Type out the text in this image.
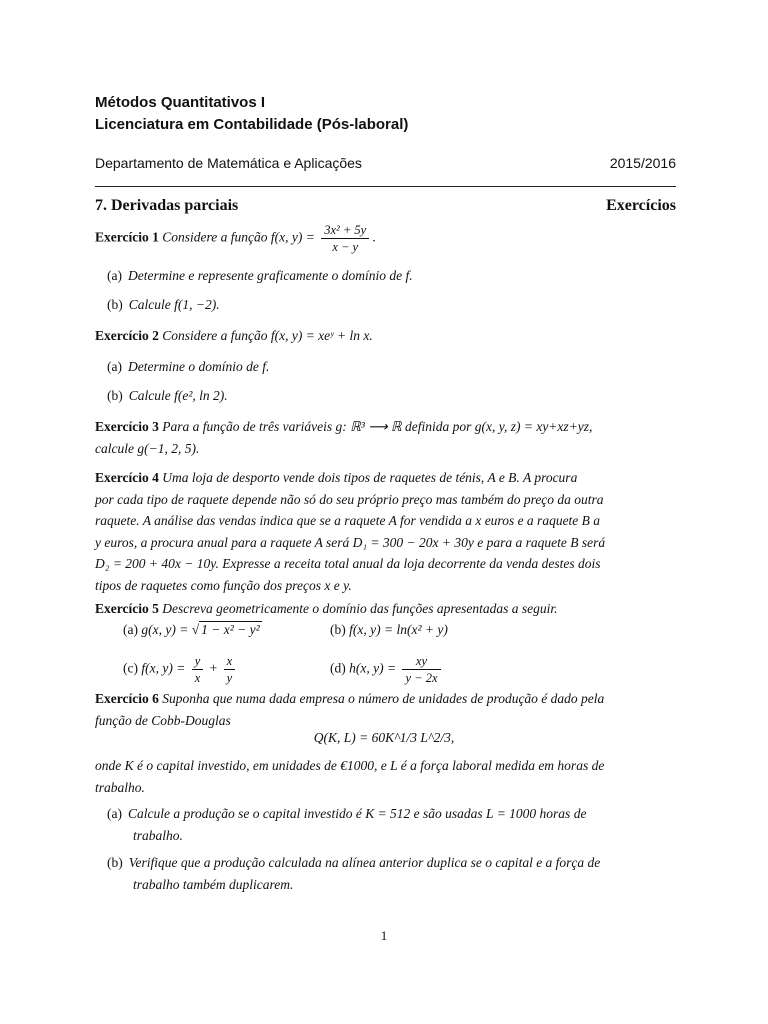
Métodos Quantitativos I
Licenciatura em Contabilidade (Pós-laboral)
Departamento de Matemática e Aplicações	2015/2016
7. Derivadas parciais	Exercícios
Exercício 1 Considere a função f(x, $y) = \frac{\text{3x² + 5y}}{x - y}$ .
(a) Determine e represente graficamente o domínio de f.
(b) Calcule f(1, −2).
Exercício 2 Considere a função f(x, y) = xeʸ + ln x.
(a) Determine o domínio de f.
(b) Calcule f(e², ln 2).
Exercício 3 Para a função de três variáveis g: ℝ³ ⟶ ℝ definida por g(x, y, z) = xy+xz+yz,
calcule g(−1, 2, 5).
Exercício 4 Uma loja de desporto vende dois tipos de raquetes de ténis, A e B. A procura
por cada tipo de raquete depende não só do seu próprio preço mas também do preço da outra
raquete. A análise das vendas indica que se a raquete A for vendida a x euros e a raquete B a
y euros, a procura anual para a raquete A será D₁ = 300 − 20x + 30y e para a raquete B será
D₂ = 200 + 40x − 10y. Expresse a receita total anual da loja decorrente da venda destes dois
tipos de raquetes como função dos preços x e y.
Exercício 5 Descreva geometricamente o domínio das funções apresentadas a seguir.
(a) g(x, y) = √ 1 − x² − y²	(b) f(x, y) = ln(x² + y)
(c) f(x, $y) = \frac{y}{x} + \frac{x}{y}$	(d) h(x, $y) = \frac{xy}{y - 2x}$
Exercício 6 Suponha que numa dada empresa o número de unidades de produção é dado pela
função de Cobb-Douglas
Q(K, L) = 60K^1/3 L^2/3,
onde K é o capital investido, em unidades de €1000, e L é a força laboral medida em horas de
trabalho.
(a) Calcule a produção se o capital investido é K = 512 e são usadas L = 1000 horas de
trabalho.
(b) Verifique que a produção calculada na alínea anterior duplica se o capital e a força de
trabalho também duplicarem.
1
